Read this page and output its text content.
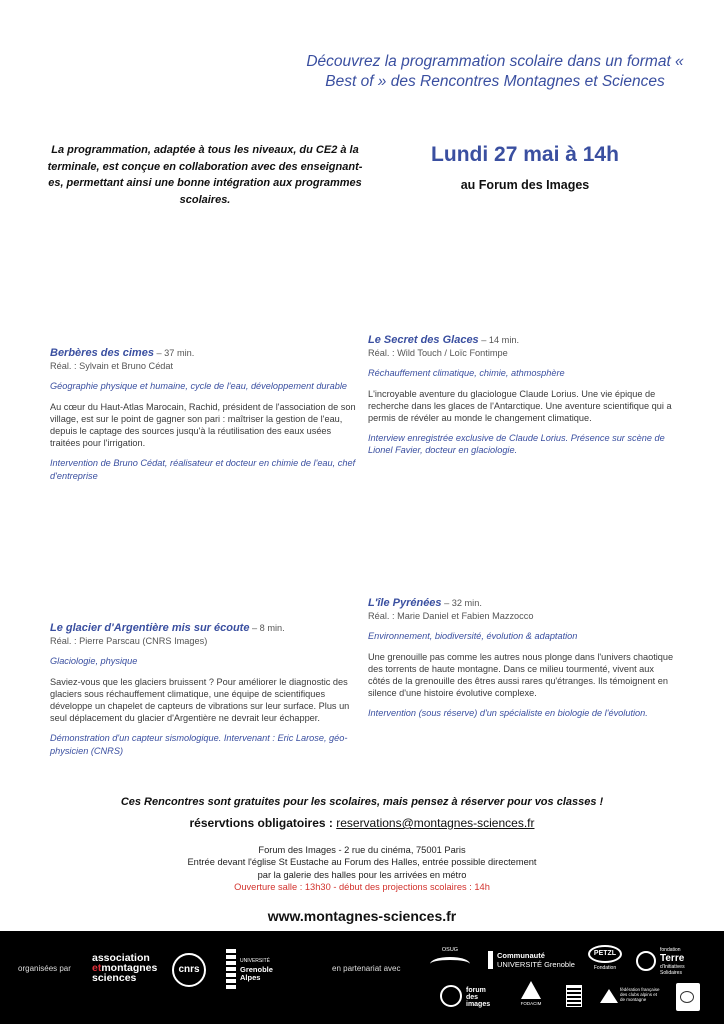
Découvrez la programmation scolaire dans un format « Best of » des Rencontres Montagnes et Sciences
La programmation, adaptée à tous les niveaux, du CE2 à la terminale, est conçue en collaboration avec des enseignant-es, permettant ainsi une bonne intégration aux programmes scolaires.
Lundi 27 mai à 14h
au Forum des Images
Berbères des cimes – 37 min.
Réal. : Sylvain et Bruno Cédat
Géographie physique et humaine, cycle de l'eau, développement durable
Au cœur du Haut-Atlas Marocain, Rachid, président de l'association de son village, est sur le point de gagner son pari : maîtriser la gestion de l'eau, depuis le captage des sources jusqu'à la réutilisation des eaux usées traitées pour l'irrigation.
Intervention de Bruno Cédat, réalisateur et docteur en chimie de l'eau, chef d'entreprise
Le Secret des Glaces – 14 min.
Réal. : Wild Touch / Loïc Fontimpe
Réchauffement climatique, chimie, athmosphère
L'incroyable aventure du glaciologue Claude Lorius. Une vie épique de recherche dans les glaces de l'Antarctique. Une aventure scientifique qui a permis de révéler au monde le changement climatique.
Interview enregistrée exclusive de Claude Lorius. Présence sur scène de Lionel Favier, docteur en glaciologie.
Le glacier d'Argentière mis sur écoute – 8 min.
Réal. : Pierre Parscau (CNRS Images)
Glaciologie, physique
Saviez-vous que les glaciers bruissent ? Pour améliorer le diagnostic des glaciers sous réchauffement climatique, une équipe de scientifiques développe un chapelet de capteurs de vibrations sur leur surface. Plus un seul déplacement du glacier d'Argentière ne devrait leur échapper.
Démonstration d'un capteur sismologique. Intervenant : Eric Larose, géo-physicien (CNRS)
L'île Pyrénées – 32 min.
Réal. : Marie Daniel et Fabien Mazzocco
Environnement, biodiversité, évolution & adaptation
Une grenouille pas comme les autres nous plonge dans l'univers chaotique des torrents de haute montagne. Dans ce milieu tourmenté, vivent aux côtés de la grenouille des êtres aussi rares qu'étranges. Ils témoignent en silence d'une histoire évolutive complexe.
Intervention (sous réserve) d'un spécialiste en biologie de l'évolution.
Ces Rencontres sont gratuites pour les scolaires, mais pensez à réserver pour vos classes !
réservtions obligatoires : reservations@montagnes-sciences.fr
Forum des Images - 2 rue du cinéma, 75001 Paris
Entrée devant l'église St Eustache au Forum des Halles, entrée possible directement
par la galerie des halles pour les arrivées en métro
Ouverture salle : 13h30 - début des projections scolaires : 14h
www.montagnes-sciences.fr
organisées par
association
etmontagnes
sciences
cnrs
UNIVERSITÉ
Grenoble
Alpes
en partenariat avec
OSUG
Communauté
UNIVERSITÉ Grenoble
PETZL
Fondation
fondation
Terre
d'Initiatives Solidaires
forum
des
images	FODACIM
fédération française des clubs alpins et de montagne
